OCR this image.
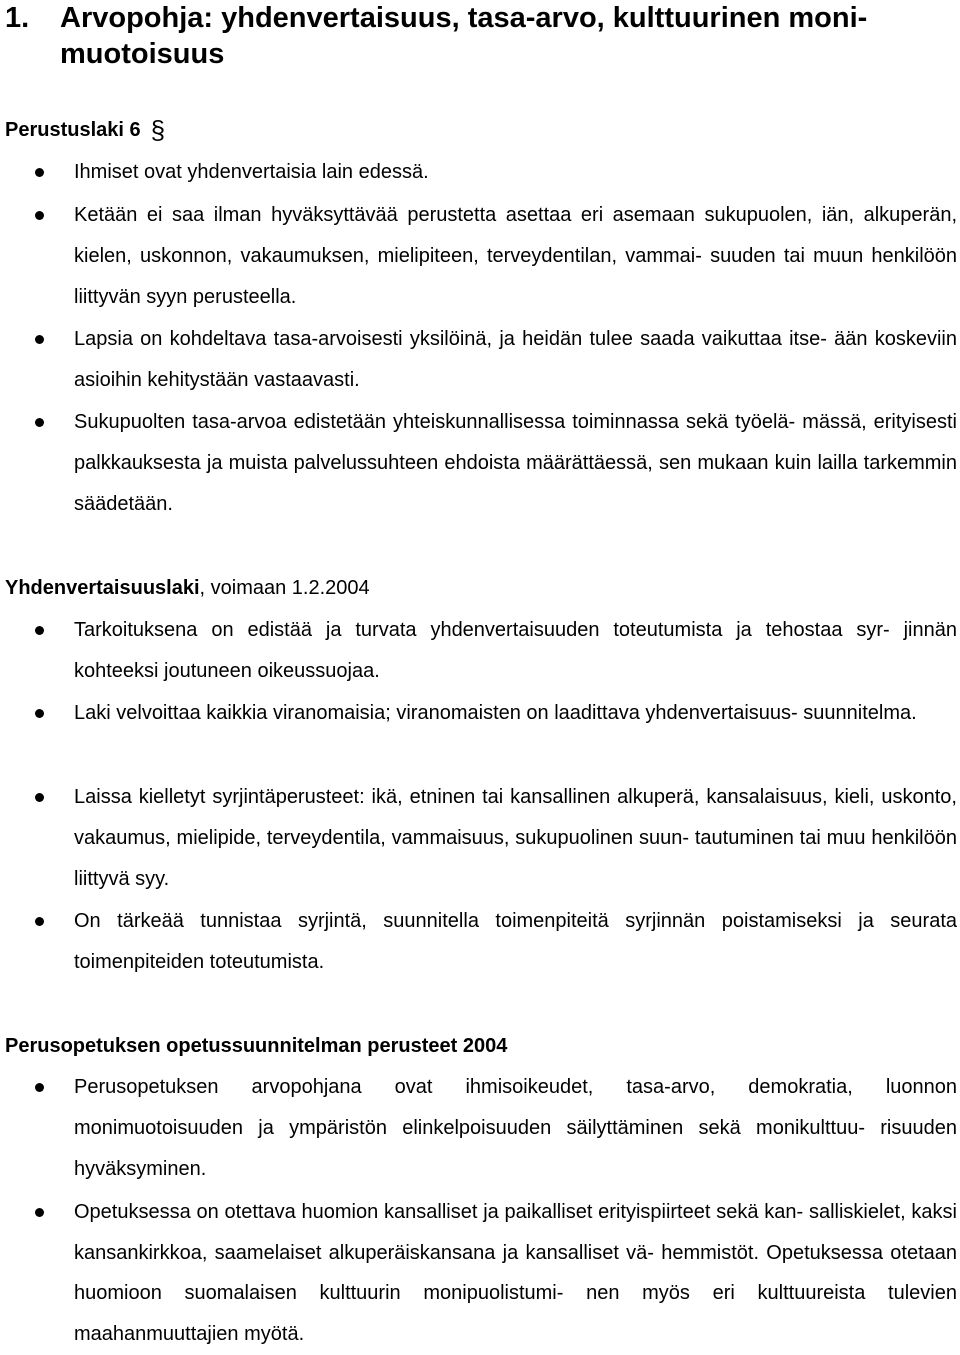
1. Arvopohja: yhdenvertaisuus, tasa-arvo, kulttuurinen moni- muotoisuus

Perustuslaki 6 §

Ihmiset ovat yhdenvertaisia lain edessä.

Ketään ei saa ilman hyväksyttävää perustetta asettaa eri asemaan sukupuolen, iän, alkuperän, kielen, uskonnon, vakaumuksen, mielipiteen, terveydentilan, vammai- suuden tai muun henkilöön liittyvän syyn perusteella.

Lapsia on kohdeltava tasa-arvoisesti yksilöinä, ja heidän tulee saada vaikuttaa itse- ään koskeviin asioihin kehitystään vastaavasti.

Sukupuolten tasa-arvoa edistetään yhteiskunnallisessa toiminnassa sekä työelä- mässä, erityisesti palkkauksesta ja muista palvelussuhteen ehdoista määrättäessä, sen mukaan kuin lailla tarkemmin säädetään.

Yhdenvertaisuuslaki, voimaan 1.2.2004

Tarkoituksena on edistää ja turvata yhdenvertaisuuden toteutumista ja tehostaa syr- jinnän kohteeksi joutuneen oikeussuojaa.

Laki velvoittaa kaikkia viranomaisia; viranomaisten on laadittava yhdenvertaisuus- suunnitelma.

Laissa kielletyt syrjintäperusteet: ikä, etninen tai kansallinen alkuperä, kansalaisuus, kieli, uskonto, vakaumus, mielipide, terveydentila, vammaisuus, sukupuolinen suun- tautuminen tai muu henkilöön liittyvä syy.

On tärkeää tunnistaa syrjintä, suunnitella toimenpiteitä syrjinnän poistamiseksi ja seurata toimenpiteiden toteutumista.

Perusopetuksen opetussuunnitelman perusteet 2004

Perusopetuksen arvopohjana ovat ihmisoikeudet, tasa-arvo, demokratia, luonnon monimuotoisuuden ja ympäristön elinkelpoisuuden säilyttäminen sekä monikulttuu- risuuden hyväksyminen.

Opetuksessa on otettava huomion kansalliset ja paikalliset erityispiirteet sekä kan- salliskielet, kaksi kansankirkkoa, saamelaiset alkuperäiskansana ja kansalliset vä- hemmistöt. Opetuksessa otetaan huomioon suomalaisen kulttuurin monipuolistumi- nen myös eri kulttuureista tulevien maahanmuuttajien myötä.
